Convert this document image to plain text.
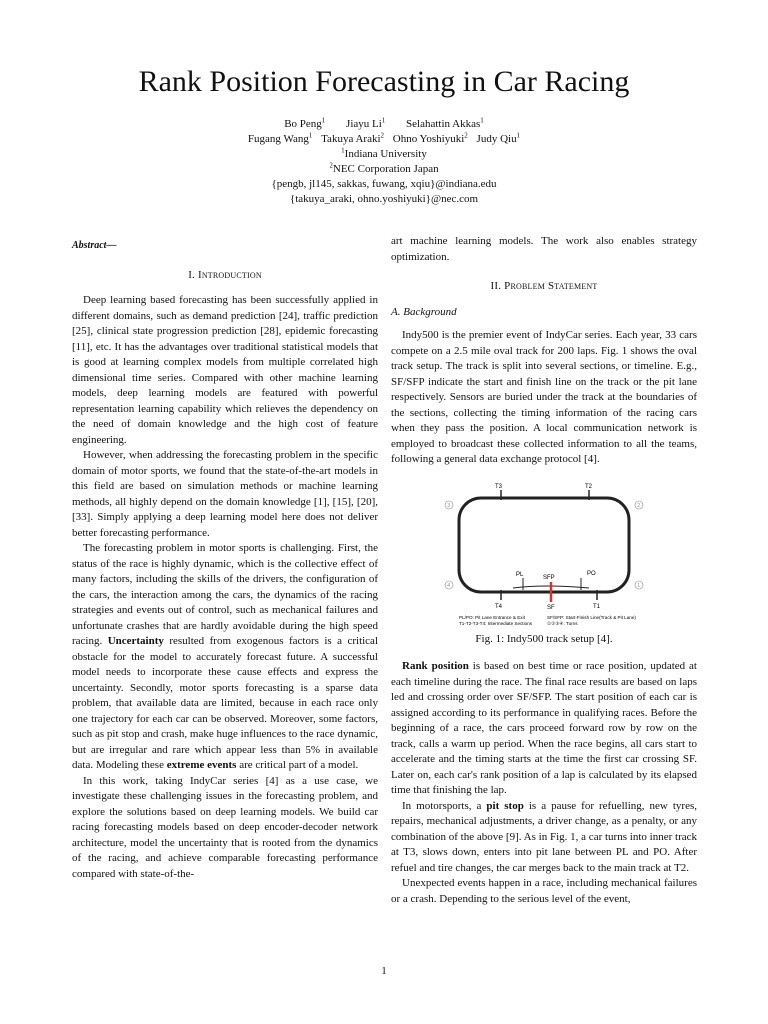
Rank Position Forecasting in Car Racing
Bo Peng$^1$ Jiayu Li$^1$ Selahattin Akkas$^1$
Fugang Wang$^1$ Takuya Araki$^2$ Ohno Yoshiyuki$^2$ Judy Qiu$^1$
$^1$Indiana University
$^2$NEC Corporation Japan
{pengb, jl145, sakkas, fuwang, xqiu}@indiana.edu
{takuya_araki, ohno.yoshiyuki}@nec.com
Abstract—
I. Introduction

Deep learning based forecasting has been successfully applied in different domains, such as demand prediction [24], traffic prediction [25], clinical state progression prediction [28], epidemic forecasting [11], etc. It has the advantages over traditional statistical models that is good at learning complex models from multiple correlated high dimensional time series. Compared with other machine learning models, deep learning models are featured with powerful representation learning capability which relieves the dependency on the need of domain knowledge and the high cost of feature engineering.

However, when addressing the forecasting problem in the specific domain of motor sports, we found that the state-of-the-art models in this field are based on simulation methods or machine learning methods, all highly depend on the domain knowledge [1], [15], [20], [33]. Simply applying a deep learning model here does not deliver better forecasting performance.

The forecasting problem in motor sports is challenging. First, the status of the race is highly dynamic, which is the collective effect of many factors, including the skills of the drivers, the configuration of the cars, the interaction among the cars, the dynamics of the racing strategies and events out of control, such as mechanical failures and unfortunate crashes that are hardly avoidable during the high speed racing. Uncertainty resulted from exogenous factors is a critical obstacle for the model to accurately forecast future. A successful model needs to incorporate these cause effects and express the uncertainty. Secondly, motor sports forecasting is a sparse data problem, that available data are limited, because in each race only one trajectory for each car can be observed. Moreover, some factors, such as pit stop and crash, make huge influences to the race dynamic, but are irregular and rare which appear less than 5% in available data. Modeling these extreme events are critical part of a model.

In this work, taking IndyCar series [4] as a use case, we investigate these challenging issues in the forecasting problem, and explore the solutions based on deep learning models. We build car racing forecasting models based on deep encoder-decoder network architecture, model the uncertainty that is rooted from the dynamics of the racing, and achieve comparable forecasting performance compared with state-of-the-

art machine learning models. The work also enables strategy optimization.

II. Problem Statement
A. Background

Indy500 is the premier event of IndyCar series. Each year, 33 cars compete on a 2.5 mile oval track for 200 laps. Fig. 1 shows the oval track setup. The track is split into several sections, or timeline. E.g., SF/SFP indicate the start and finish line on the track or the pit lane respectively. Sensors are buried under the track at the boundaries of the sections, collecting the timing information of the racing cars when they pass the position. A local communication network is employed to broadcast these collected information to all the teams, following a general data exchange protocol [4].

T3	T2
T4	T1
PL	PO
SFP
SF
3	2
4	1
PL/PO: Pit Lane Entrance & Exit
T1-T2-T3-T4: Intermediate Sections
SF/SFP: Start-Finish Line(Track & Pit Lane)
①②③④: Turns
Fig. 1: Indy500 track setup [4].

Rank position is based on best time or race position, updated at each timeline during the race. The final race results are based on laps led and crossing order over SF/SFP. The start position of each car is assigned according to its performance in qualifying races. Before the beginning of a race, the cars proceed forward row by row on the track, calls a warm up period. When the race begins, all cars start to accelerate and the timing starts at the time the first car crossing SF. Later on, each car's rank position of a lap is calculated by its elapsed time that finishing the lap.

In motorsports, a pit stop is a pause for refuelling, new tyres, repairs, mechanical adjustments, a driver change, as a penalty, or any combination of the above [9]. As in Fig. 1, a car turns into inner track at T3, slows down, enters into pit lane between PL and PO. After refuel and tire changes, the car merges back to the main track at T2.

Unexpected events happen in a race, including mechanical failures or a crash. Depending to the serious level of the event,

1
